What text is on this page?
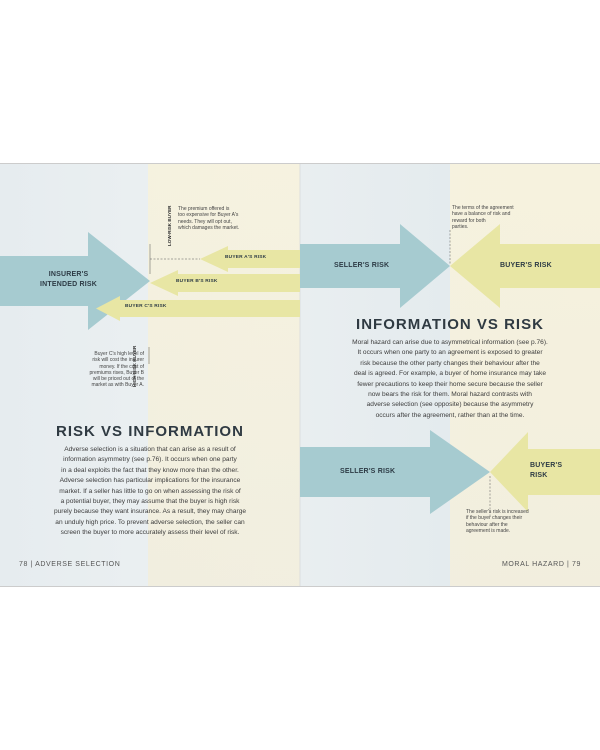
INSURER'S
INTENDED RISK
BUYER A'S RISK
BUYER B'S RISK
BUYER C'S RISK
LOW-RISK BUYER
HIGH-RISK BUYER
The premium offered is
too expensive for Buyer A's
needs. They will opt out,
which damages the market.
Buyer C's high level of
risk will cost the insurer
money. If the cost of
premiums rises, Buyer B
will be priced out of the
market as with Buyer A.
RISK VS INFORMATION
Adverse selection is a situation that can arise as a result of
information asymmetry (see p.76). It occurs when one party
in a deal exploits the fact that they know more than the other.
Adverse selection has particular implications for the insurance
market. If a seller has little to go on when assessing the risk of
a potential buyer, they may assume that the buyer is high risk
purely because they want insurance. As a result, they may charge
an unduly high price. To prevent adverse selection, the seller can
screen the buyer to more accurately assess their level of risk.
78 | ADVERSE SELECTION
The terms of the agreement
have a balance of risk and
reward for both
parties.
SELLER'S RISK	BUYER'S RISK
INFORMATION VS RISK
Moral hazard can arise due to asymmetrical information (see p.76).
It occurs when one party to an agreement is exposed to greater
risk because the other party changes their behaviour after the
deal is agreed. For example, a buyer of home insurance may take
fewer precautions to keep their home secure because the seller
now bears the risk for them. Moral hazard contrasts with
adverse selection (see opposite) because the asymmetry
occurs after the agreement, rather than at the time.
SELLER'S RISK
BUYER'S
RISK
The seller's risk is increased
if the buyer changes their
behaviour after the
agreement is made.
MORAL HAZARD | 79
